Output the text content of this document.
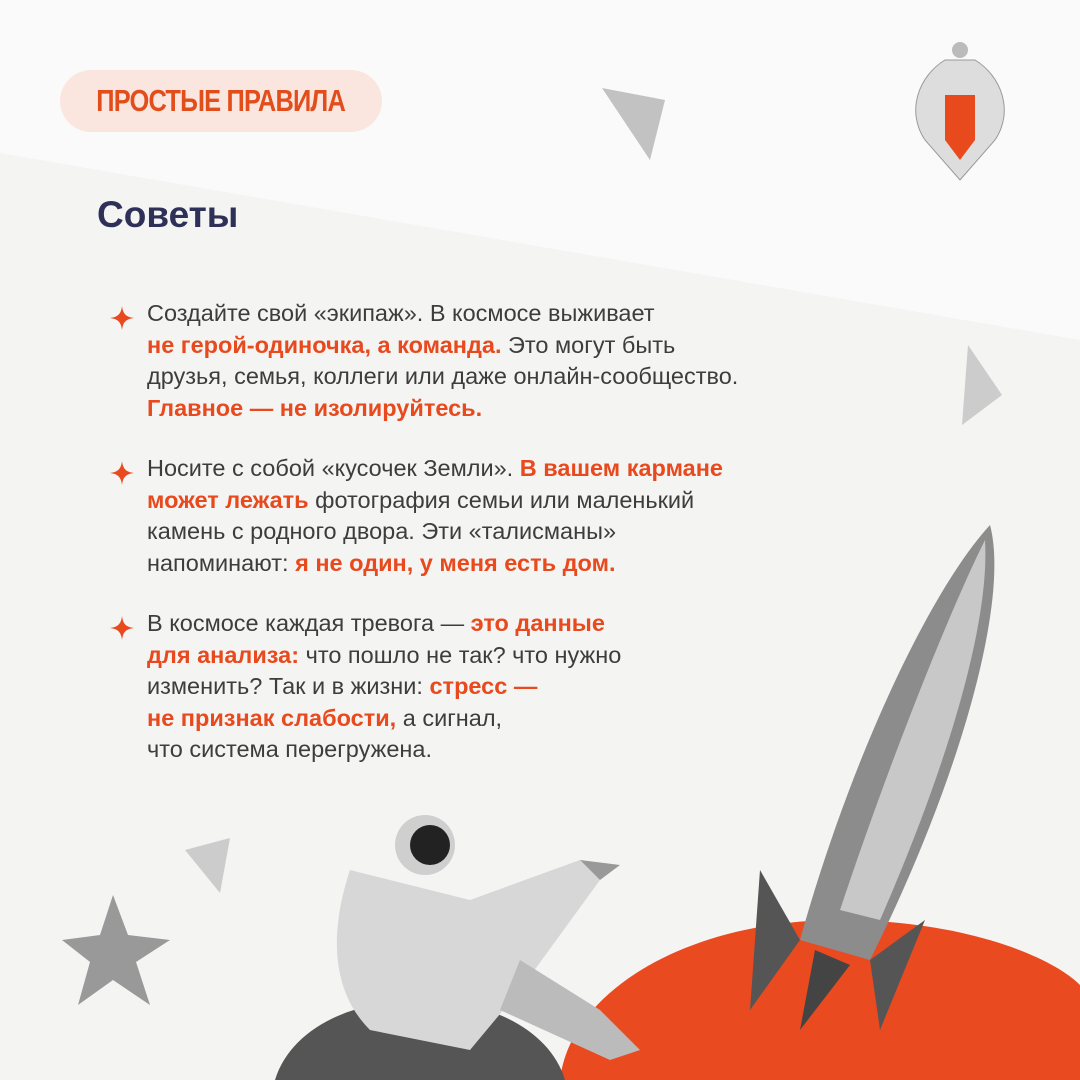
ПРОСТЫЕ ПРАВИЛА
Советы
Создайте свой «экипаж». В космосе выживает
не герой-одиночка, а команда. Это могут быть
друзья, семья, коллеги или даже онлайн-сообщество.
Главное — не изолируйтесь.
Носите с собой «кусочек Земли». В вашем кармане
может лежать фотография семьи или маленький
камень с родного двора. Эти «талисманы»
напоминают: я не один, у меня есть дом.
В космосе каждая тревога — это данные
для анализа: что пошло не так? что нужно
изменить? Так и в жизни: стресс —
не признак слабости, а сигнал,
что система перегружена.
